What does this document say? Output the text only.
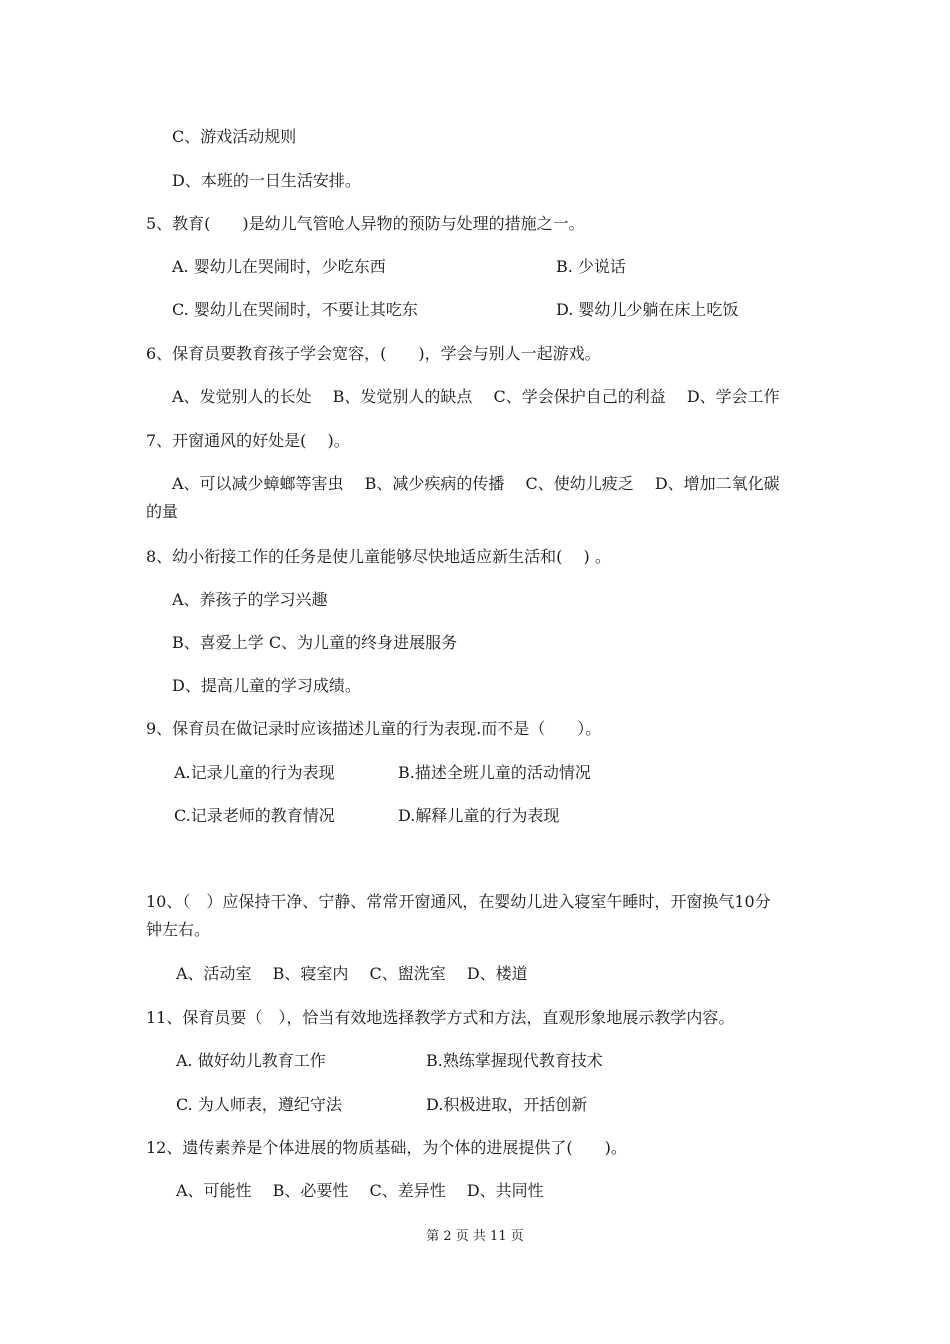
C、游戏活动规则
D、本班的一日生活安排。
5、教育(　　)是幼儿气管呛人异物的预防与处理的措施之一。
A. 婴幼儿在哭闹时，少吃东西	B. 少说话
C. 婴幼儿在哭闹时，不要让其吃东	D. 婴幼儿少躺在床上吃饭
6、保育员要教育孩子学会宽容，(　　)，学会与别人一起游戏。
A、发觉别人的长处　 B、发觉别人的缺点　 C、学会保护自己的利益　 D、学会工作
7、开窗通风的好处是(　 )。
A、可以减少蟑螂等害虫　 B、减少疾病的传播　 C、使幼儿疲乏　 D、增加二氧化碳
的量
8、幼小衔接工作的任务是使儿童能够尽快地适应新生活和(　 ) 。
A、养孩子的学习兴趣
B、喜爱上学 C、为儿童的终身进展服务
D、提高儿童的学习成绩。
9、保育员在做记录时应该描述儿童的行为表现.而不是（　　）。
A.记录儿童的行为表现	B.描述全班儿童的活动情况
C.记录老师的教育情况	D.解释儿童的行为表现
10、（　）应保持干净、宁静、常常开窗通风，在婴幼儿进入寝室午睡时，开窗换气10分
钟左右。
A、活动室　 B、寝室内　 C、盥洗室　 D、楼道
11、保育员要（　），恰当有效地选择教学方式和方法，直观形象地展示教学内容。
A. 做好幼儿教育工作	B.熟练掌握现代教育技术
C. 为人师表，遵纪守法	D.积极进取，开括创新
12、遗传素养是个体进展的物质基础，为个体的进展提供了(　　)。
A、可能性　 B、必要性　 C、差异性　 D、共同性
第 2 页 共 11 页
